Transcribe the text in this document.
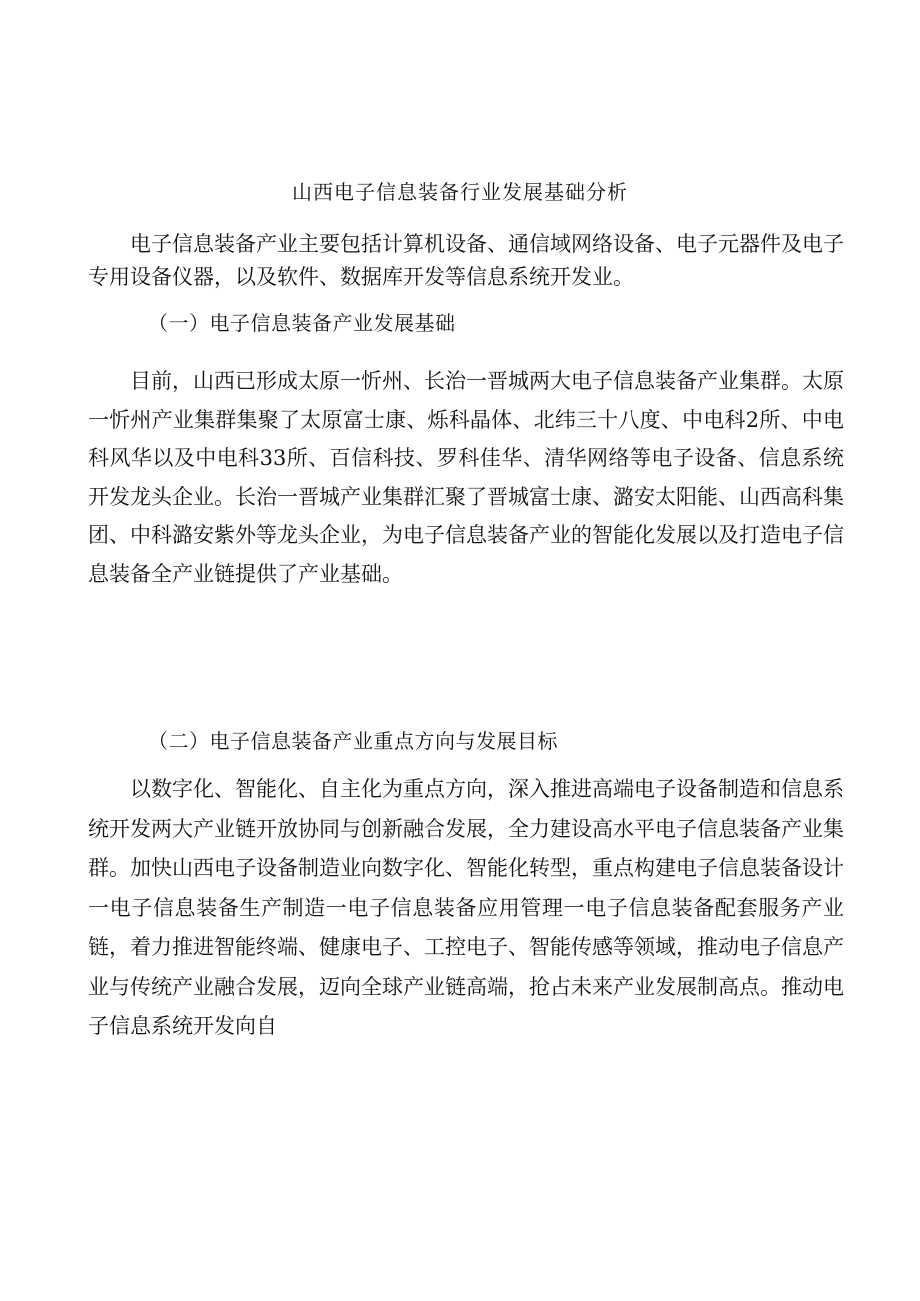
山西电子信息装备行业发展基础分析

电子信息装备产业主要包括计算机设备、通信域网络设备、电子元器件及电子专用设备仪器，以及软件、数据库开发等信息系统开发业。

（一）电子信息装备产业发展基础

目前，山西已形成太原一忻州、长治一晋城两大电子信息装备产业集群。太原一忻州产业集群集聚了太原富士康、烁科晶体、北纬三十八度、中电科2所、中电科风华以及中电科33所、百信科技、罗科佳华、清华网络等电子设备、信息系统开发龙头企业。长治一晋城产业集群汇聚了晋城富士康、潞安太阳能、山西高科集团、中科潞安紫外等龙头企业，为电子信息装备产业的智能化发展以及打造电子信息装备全产业链提供了产业基础。

（二）电子信息装备产业重点方向与发展目标

以数字化、智能化、自主化为重点方向，深入推进高端电子设备制造和信息系统开发两大产业链开放协同与创新融合发展，全力建设高水平电子信息装备产业集群。加快山西电子设备制造业向数字化、智能化转型，重点构建电子信息装备设计一电子信息装备生产制造一电子信息装备应用管理一电子信息装备配套服务产业链，着力推进智能终端、健康电子、工控电子、智能传感等领域，推动电子信息产业与传统产业融合发展，迈向全球产业链高端，抢占未来产业发展制高点。推动电子信息系统开发向自
